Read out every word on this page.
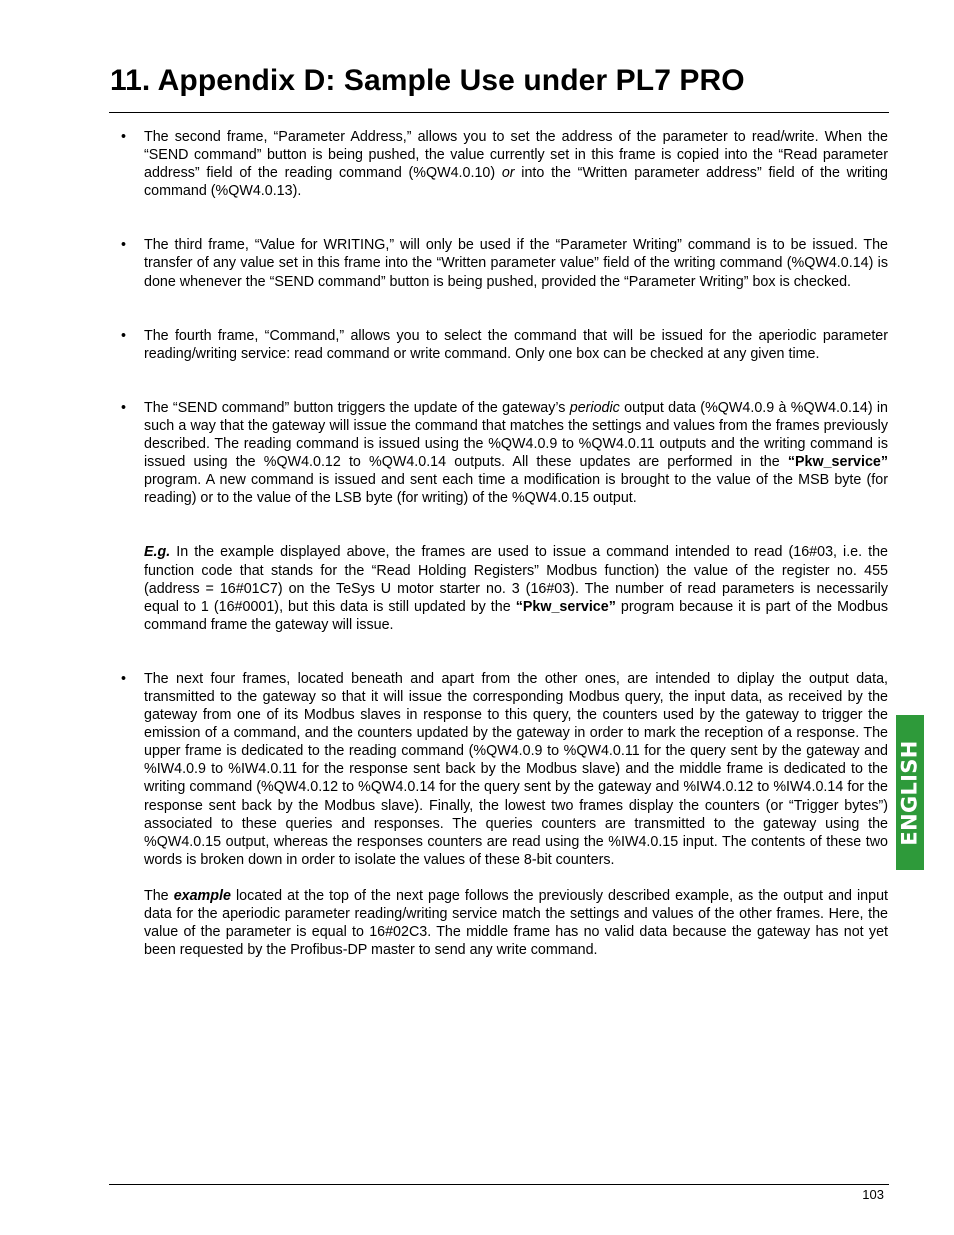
11. Appendix D: Sample Use under PL7 PRO

• The second frame, “Parameter Address,” allows you to set the address of the parameter to read/write. When the “SEND command” button is being pushed, the value currently set in this frame is copied into the “Read parameter address” field of the reading command (%QW4.0.10) or into the “Written parameter address” field of the writing command (%QW4.0.13).

• The third frame, “Value for WRITING,” will only be used if the “Parameter Writing” command is to be issued. The transfer of any value set in this frame into the “Written parameter value” field of the writing command (%QW4.0.14) is done whenever the “SEND command” button is being pushed, provided the “Parameter Writing” box is checked.

• The fourth frame, “Command,” allows you to select the command that will be issued for the aperiodic parameter reading/writing service: read command or write command. Only one box can be checked at any given time.

• The “SEND command” button triggers the update of the gateway’s periodic output data (%QW4.0.9 à %QW4.0.14) in such a way that the gateway will issue the command that matches the settings and values from the frames previously described. The reading command is issued using the %QW4.0.9 to %QW4.0.11 outputs and the writing command is issued using the %QW4.0.12 to %QW4.0.14 outputs. All these updates are performed in the “Pkw_service” program. A new command is issued and sent each time a modification is brought to the value of the MSB byte (for reading) or to the value of the LSB byte (for writing) of the %QW4.0.15 output.

E.g. In the example displayed above, the frames are used to issue a command intended to read (16#03, i.e. the function code that stands for the “Read Holding Registers” Modbus function) the value of the register no. 455 (address = 16#01C7) on the TeSys U motor starter no. 3 (16#03). The number of read parameters is necessarily equal to 1 (16#0001), but this data is still updated by the “Pkw_service” program because it is part of the Modbus command frame the gateway will issue.

• The next four frames, located beneath and apart from the other ones, are intended to diplay the output data, transmitted to the gateway so that it will issue the corresponding Modbus query, the input data, as received by the gateway from one of its Modbus slaves in response to this query, the counters used by the gateway to trigger the emission of a command, and the counters updated by the gateway in order to mark the reception of a response. The upper frame is dedicated to the reading command (%QW4.0.9 to %QW4.0.11 for the query sent by the gateway and %IW4.0.9 to %IW4.0.11 for the response sent back by the Modbus slave) and the middle frame is dedicated to the writing command (%QW4.0.12 to %QW4.0.14 for the query sent by the gateway and %IW4.0.12 to %IW4.0.14 for the response sent back by the Modbus slave). Finally, the lowest two frames display the counters (or “Trigger bytes”) associated to these queries and responses. The queries counters are transmitted to the gateway using the %QW4.0.15 output, whereas the responses counters are read using the %IW4.0.15 input. The contents of these two words is broken down in order to isolate the values of these 8-bit counters.

The example located at the top of the next page follows the previously described example, as the output and input data for the aperiodic parameter reading/writing service match the settings and values of the other frames. Here, the value of the parameter is equal to 16#02C3. The middle frame has no valid data because the gateway has not yet been requested by the Profibus-DP master to send any write command.

ENGLISH
103
